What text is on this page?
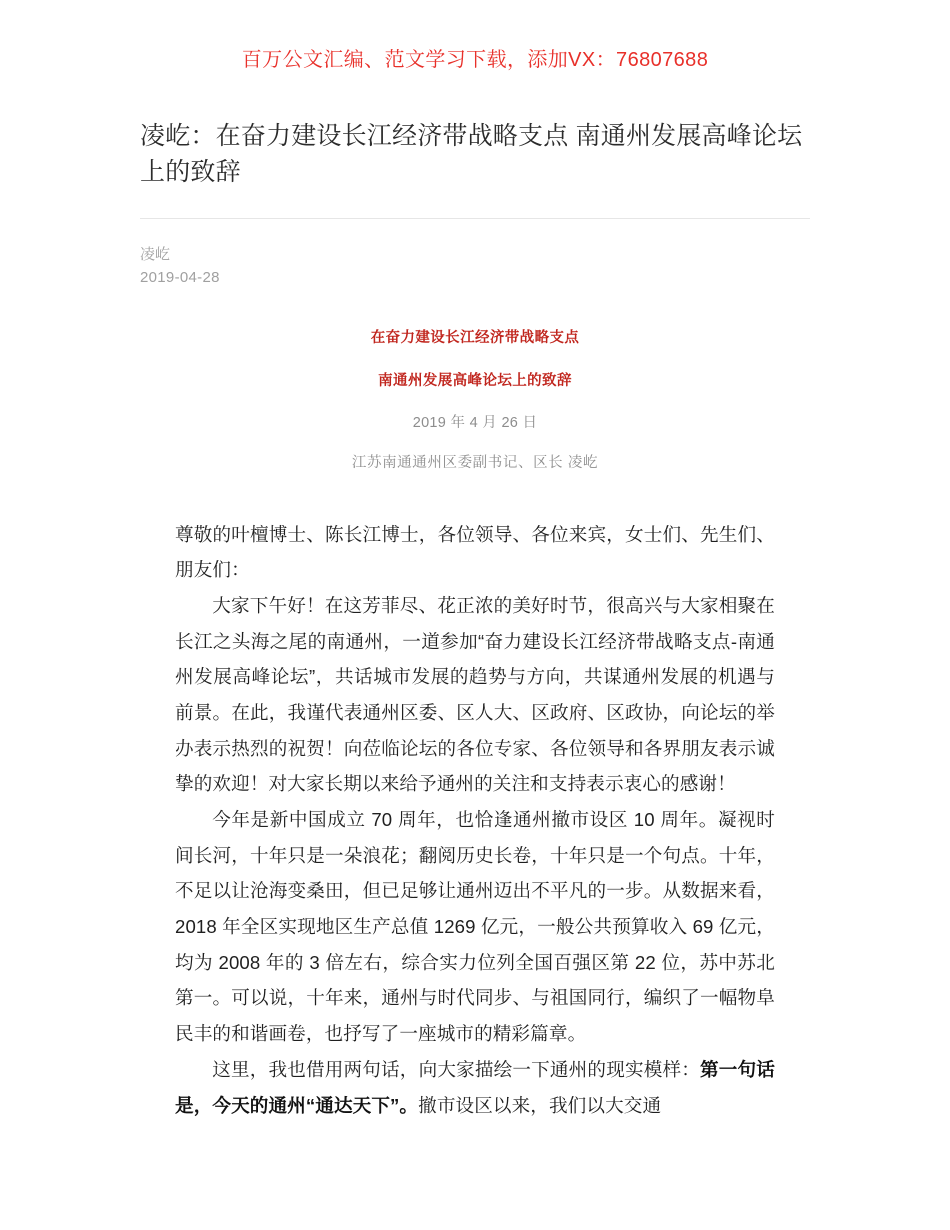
百万公文汇编、范文学习下载，添加VX：76807688
凌屹：在奋力建设长江经济带战略支点 南通州发展高峰论坛上的致辞
凌屹
2019-04-28

在奋力建设长江经济带战略支点

南通州发展高峰论坛上的致辞

2019 年 4 月 26 日

江苏南通通州区委副书记、区长 凌屹

尊敬的叶檀博士、陈长江博士，各位领导、各位来宾，女士们、先生们、朋友们：

大家下午好！在这芳菲尽、花正浓的美好时节，很高兴与大家相聚在长江之头海之尾的南通州，一道参加“奋力建设长江经济带战略支点-南通州发展高峰论坛”，共话城市发展的趋势与方向，共谋通州发展的机遇与前景。在此，我谨代表通州区委、区人大、区政府、区政协，向论坛的举办表示热烈的祝贺！向莅临论坛的各位专家、各位领导和各界朋友表示诚挚的欢迎！对大家长期以来给予通州的关注和支持表示衷心的感谢！

今年是新中国成立 70 周年，也恰逢通州撤市设区 10 周年。凝视时间长河，十年只是一朵浪花；翻阅历史长卷，十年只是一个句点。十年，不足以让沧海变桑田，但已足够让通州迈出不平凡的一步。从数据来看，2018 年全区实现地区生产总值 1269 亿元，一般公共预算收入 69 亿元，均为 2008 年的 3 倍左右，综合实力位列全国百强区第 22 位，苏中苏北第一。可以说，十年来，通州与时代同步、与祖国同行，编织了一幅物阜民丰的和谐画卷，也抒写了一座城市的精彩篇章。

这里，我也借用两句话，向大家描绘一下通州的现实模样：第一句话是，今天的通州“通达天下”。撤市设区以来，我们以大交通
